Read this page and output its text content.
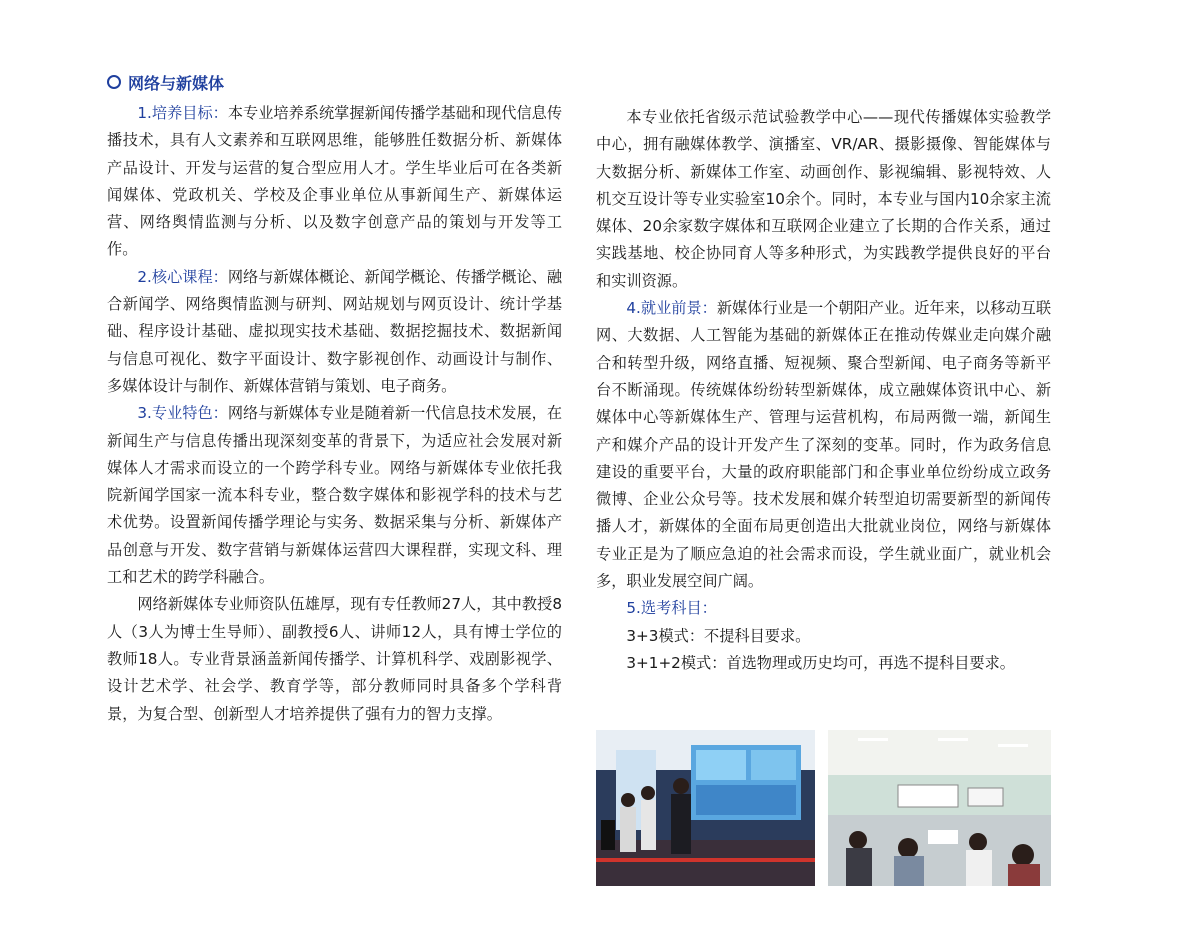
网络与新媒体

1.培养目标：本专业培养系统掌握新闻传播学基础和现代信息传播技术，具有人文素养和互联网思维，能够胜任数据分析、新媒体产品设计、开发与运营的复合型应用人才。学生毕业后可在各类新闻媒体、党政机关、学校及企事业单位从事新闻生产、新媒体运营、网络舆情监测与分析、以及数字创意产品的策划与开发等工作。

2.核心课程：网络与新媒体概论、新闻学概论、传播学概论、融合新闻学、网络舆情监测与研判、网站规划与网页设计、统计学基础、程序设计基础、虚拟现实技术基础、数据挖掘技术、数据新闻与信息可视化、数字平面设计、数字影视创作、动画设计与制作、多媒体设计与制作、新媒体营销与策划、电子商务。

3.专业特色：网络与新媒体专业是随着新一代信息技术发展，在新闻生产与信息传播出现深刻变革的背景下，为适应社会发展对新媒体人才需求而设立的一个跨学科专业。网络与新媒体专业依托我院新闻学国家一流本科专业，整合数字媒体和影视学科的技术与艺术优势。设置新闻传播学理论与实务、数据采集与分析、新媒体产品创意与开发、数字营销与新媒体运营四大课程群，实现文科、理工和艺术的跨学科融合。

网络新媒体专业师资队伍雄厚，现有专任教师27人，其中教授8人（3人为博士生导师）、副教授6人、讲师12人，具有博士学位的教师18人。专业背景涵盖新闻传播学、计算机科学、戏剧影视学、设计艺术学、社会学、教育学等，部分教师同时具备多个学科背景，为复合型、创新型人才培养提供了强有力的智力支撑。

本专业依托省级示范试验教学中心——现代传播媒体实验教学中心，拥有融媒体教学、演播室、VR/AR、摄影摄像、智能媒体与大数据分析、新媒体工作室、动画创作、影视编辑、影视特效、人机交互设计等专业实验室10余个。同时，本专业与国内10余家主流媒体、20余家数字媒体和互联网企业建立了长期的合作关系，通过实践基地、校企协同育人等多种形式，为实践教学提供良好的平台和实训资源。

4.就业前景：新媒体行业是一个朝阳产业。近年来，以移动互联网、大数据、人工智能为基础的新媒体正在推动传媒业走向媒介融合和转型升级，网络直播、短视频、聚合型新闻、电子商务等新平台不断涌现。传统媒体纷纷转型新媒体，成立融媒体资讯中心、新媒体中心等新媒体生产、管理与运营机构，布局两微一端，新闻生产和媒介产品的设计开发产生了深刻的变革。同时，作为政务信息建设的重要平台，大量的政府职能部门和企事业单位纷纷成立政务微博、企业公众号等。技术发展和媒介转型迫切需要新型的新闻传播人才，新媒体的全面布局更创造出大批就业岗位，网络与新媒体专业正是为了顺应急迫的社会需求而设，学生就业面广，就业机会多，职业发展空间广阔。

5.选考科目：

3+3模式：不提科目要求。

3+1+2模式：首选物理或历史均可，再选不提科目要求。
